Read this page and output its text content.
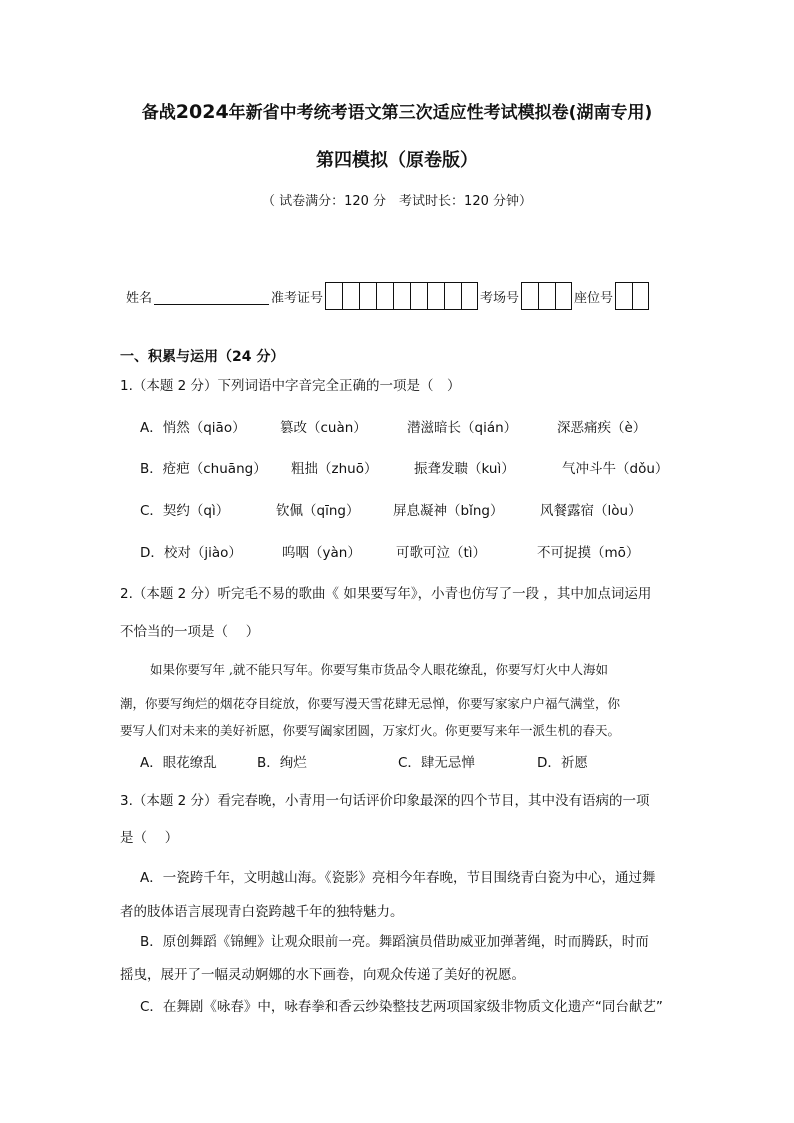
备战2024年新省中考统考语文第三次适应性考试模拟卷(湖南专用)
第四模拟（原卷版）
（ 试卷满分：120 分　考试时长：120 分钟）
姓名	准考证号	考场号	座位号
一、积累与运用（24 分）
1.（本题 2 分）下列词语中字音完全正确的一项是（　）
A．悄然（qiāo）	篡改（cuàn）	潜滋暗长（qián）	深恶痛疾（è）
B．疮疤（chuāng） 粗拙（zhuō）	振聋发聩（kuì）	气冲斗牛（dǒu）
C．契约（qì）	钦佩（qīng） 屏息凝神（bǐng）	风餐露宿（lòu）
D．校对（jiào）	呜咽（yàn）	可歌可泣（tì）	不可捉摸（mō）
2.（本题 2 分）听完毛不易的歌曲《 如果要写年》，小青也仿写了一段 ，其中加点词运用
不恰当的一项是（　 ）
如果你要写年 ,就不能只写年。你要写集市货品令人眼花缭乱，你要写灯火中人海如
潮，你要写绚烂的烟花夺目绽放，你要写漫天雪花肆无忌惮，你要写家家户户福气满堂，你
要写人们对未来的美好祈愿，你要写阖家团圆，万家灯火。你更要写来年一派生机的春天。
A．眼花缭乱	B．绚烂	C．肆无忌惮	D．祈愿
3.（本题 2 分）看完春晚，小青用一句话评价印象最深的四个节目，其中没有语病的一项
是（　 ）
A．一瓷跨千年，文明越山海。《瓷影》亮相今年春晚，节目围绕青白瓷为中心，通过舞
者的肢体语言展现青白瓷跨越千年的独特魅力。
B．原创舞蹈《锦鲤》让观众眼前一亮。舞蹈演员借助威亚加弹著绳，时而腾跃，时而
摇曳，展开了一幅灵动婀娜的水下画卷，向观众传递了美好的祝愿。
C．在舞剧《咏春》中，咏春拳和香云纱染整技艺两项国家级非物质文化遗产“同台献艺”
